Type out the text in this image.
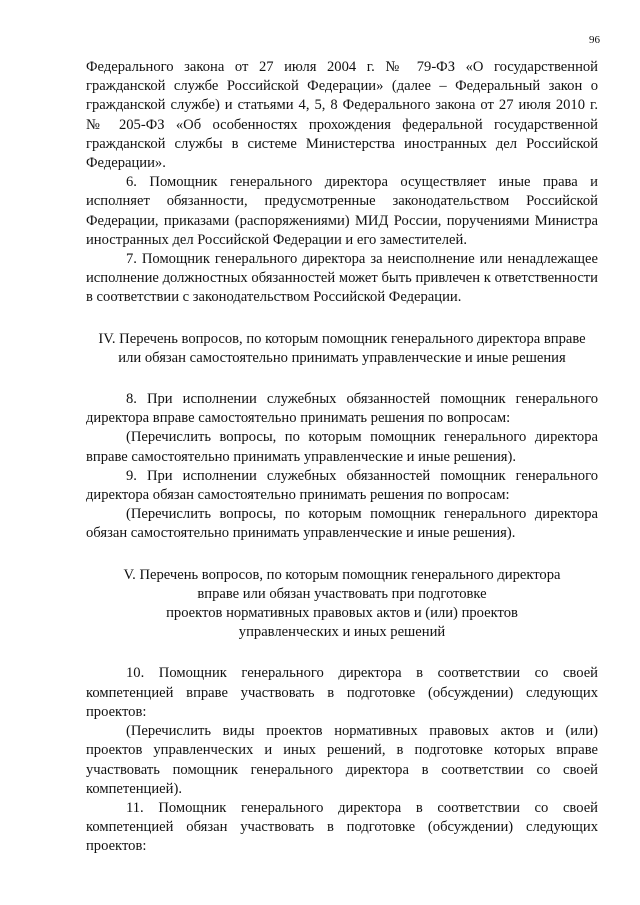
96

Федерального закона от 27 июля 2004 г. № 79-ФЗ «О государственной гражданской службе Российской Федерации» (далее – Федеральный закон о гражданской службе) и статьями 4, 5, 8 Федерального закона от 27 июля 2010 г. № 205-ФЗ «Об особенностях прохождения федеральной государственной гражданской службы в системе Министерства иностранных дел Российской Федерации».

6. Помощник генерального директора осуществляет иные права и исполняет обязанности, предусмотренные законодательством Российской Федерации, приказами (распоряжениями) МИД России, поручениями Министра иностранных дел Российской Федерации и его заместителей.

7. Помощник генерального директора за неисполнение или ненадлежащее исполнение должностных обязанностей может быть привлечен к ответственности в соответствии с законодательством Российской Федерации.

IV. Перечень вопросов, по которым помощник генерального директора вправе
или обязан самостоятельно принимать управленческие и иные решения

8. При исполнении служебных обязанностей помощник генерального директора вправе самостоятельно принимать решения по вопросам:

(Перечислить вопросы, по которым помощник генерального директора вправе самостоятельно принимать управленческие и иные решения).

9. При исполнении служебных обязанностей помощник генерального директора обязан самостоятельно принимать решения по вопросам:

(Перечислить вопросы, по которым помощник генерального директора обязан самостоятельно принимать управленческие и иные решения).

V. Перечень вопросов, по которым помощник генерального директора
вправе или обязан участвовать при подготовке
проектов нормативных правовых актов и (или) проектов
управленческих и иных решений

10. Помощник генерального директора в соответствии со своей компетенцией вправе участвовать в подготовке (обсуждении) следующих проектов:

(Перечислить виды проектов нормативных правовых актов и (или) проектов управленческих и иных решений, в подготовке которых вправе участвовать помощник генерального директора в соответствии со своей компетенцией).

11. Помощник генерального директора в соответствии со своей компетенцией обязан участвовать в подготовке (обсуждении) следующих проектов:
